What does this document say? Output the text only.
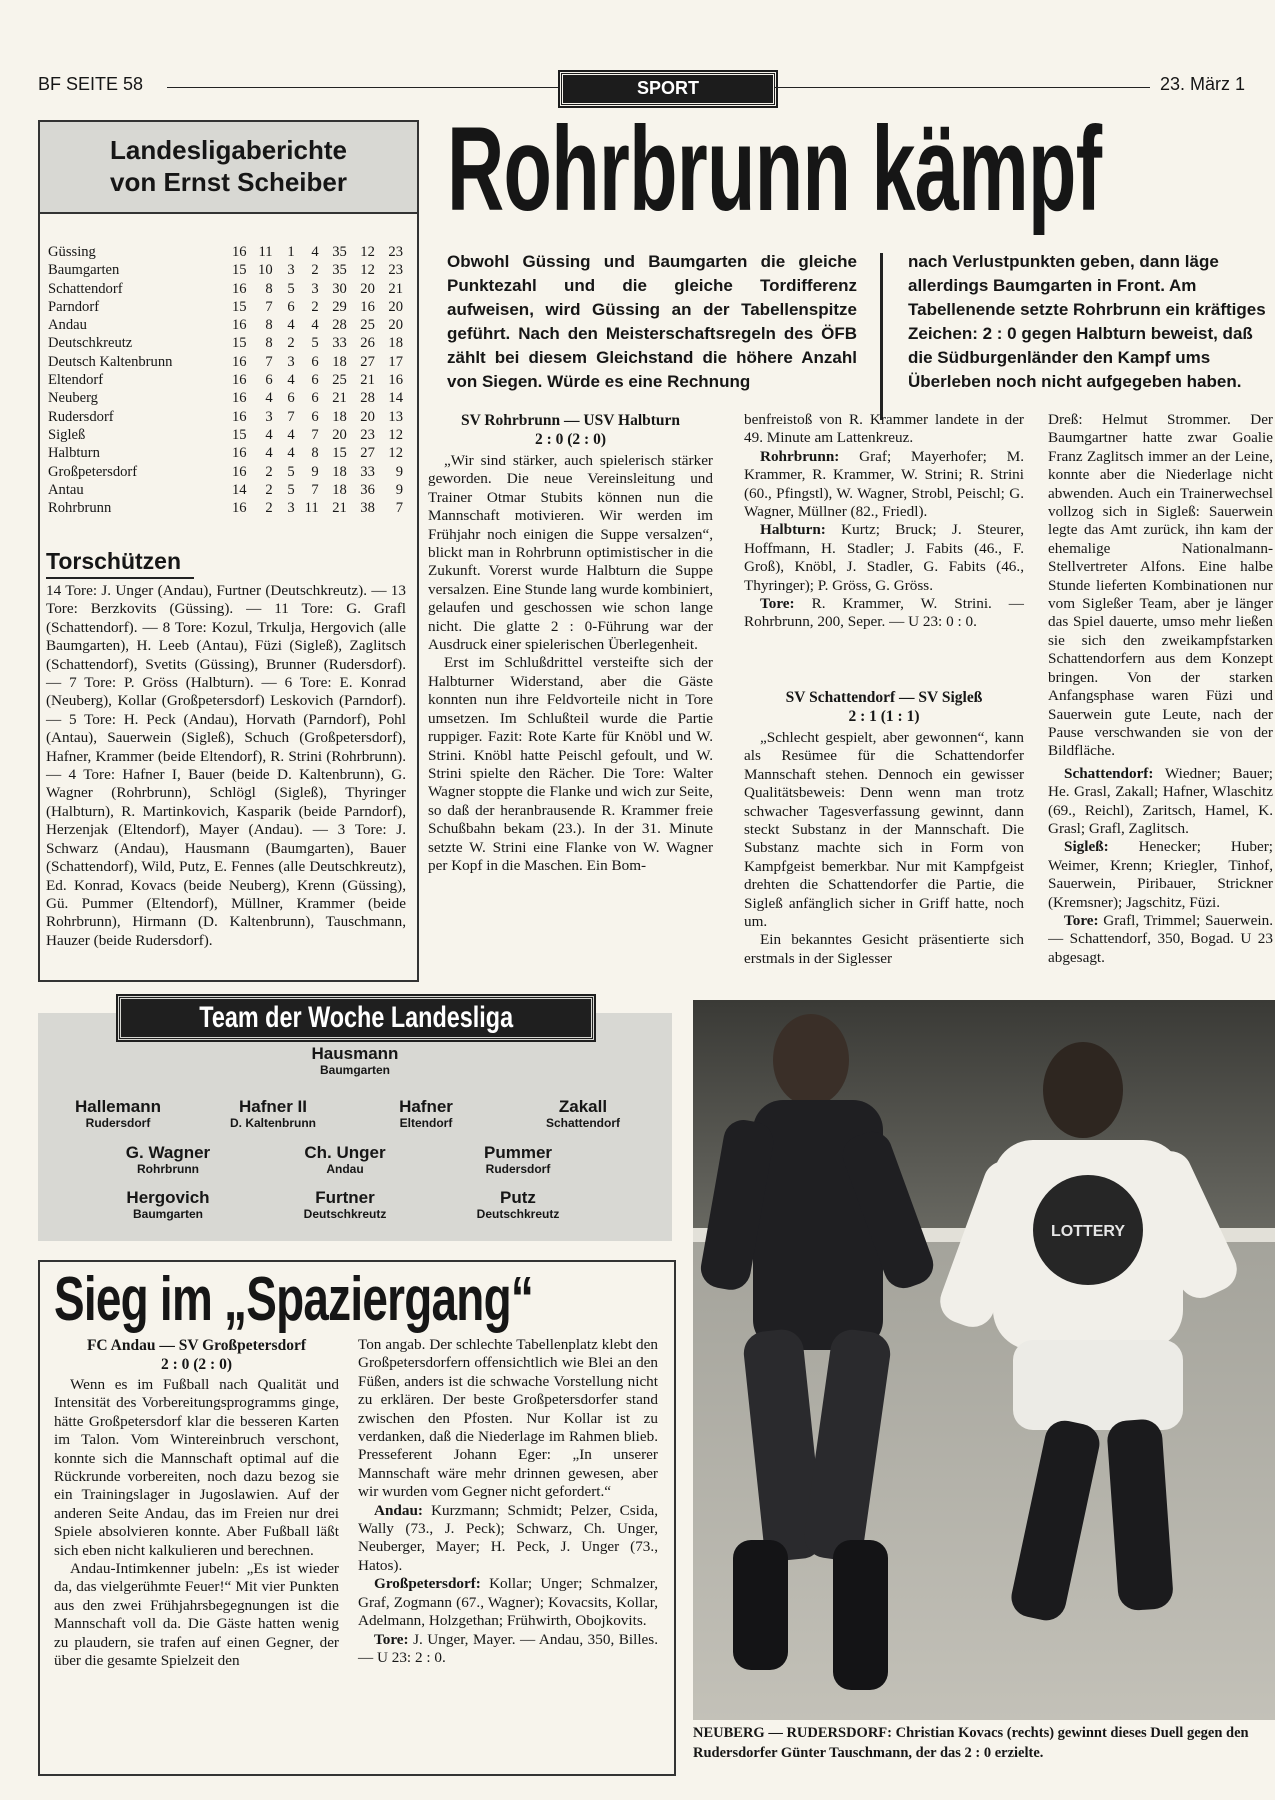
BF SEITE 58	SPORT	23. März 1
Landesligaberichte
von Ernst Scheiber
Güssing	16	11	1	4	35	12	23
Baumgarten	15	10	3	2	35	12	23
Schattendorf	16	8	5	3	30	20	21
Parndorf	15	7	6	2	29	16	20
Andau	16	8	4	4	28	25	20
Deutschkreutz	15	8	2	5	33	26	18
Deutsch Kaltenbrunn	16	7	3	6	18	27	17
Eltendorf	16	6	4	6	25	21	16
Neuberg	16	4	6	6	21	28	14
Rudersdorf	16	3	7	6	18	20	13
Sigleß	15	4	4	7	20	23	12
Halbturn	16	4	4	8	15	27	12
Großpetersdorf	16	2	5	9	18	33	9
Antau	14	2	5	7	18	36	9
Rohrbrunn	16	2	3	11	21	38	7
Torschützen
14 Tore: J. Unger (Andau), Furtner (Deutschkreutz). — 13 Tore: Berzkovits (Güssing). — 11 Tore: G. Grafl (Schattendorf). — 8 Tore: Kozul, Trkulja, Hergovich (alle Baumgarten), H. Leeb (Antau), Füzi (Sigleß), Zaglitsch (Schattendorf), Svetits (Güssing), Brunner (Rudersdorf). — 7 Tore: P. Gröss (Halbturn). — 6 Tore: E. Konrad (Neuberg), Kollar (Großpetersdorf) Leskovich (Parndorf). — 5 Tore: H. Peck (Andau), Horvath (Parndorf), Pohl (Antau), Sauerwein (Sigleß), Schuch (Großpetersdorf), Hafner, Krammer (beide Eltendorf), R. Strini (Rohrbrunn). — 4 Tore: Hafner I, Bauer (beide D. Kaltenbrunn), G. Wagner (Rohrbrunn), Schlögl (Sigleß), Thyringer (Halbturn), R. Martinkovich, Kasparik (beide Parndorf), Herzenjak (Eltendorf), Mayer (Andau). — 3 Tore: J. Schwarz (Andau), Hausmann (Baumgarten), Bauer (Schattendorf), Wild, Putz, E. Fennes (alle Deutschkreutz), Ed. Konrad, Kovacs (beide Neuberg), Krenn (Güssing), Gü. Pummer (Eltendorf), Müllner, Krammer (beide Rohrbrunn), Hirmann (D. Kaltenbrunn), Tauschmann, Hauzer (beide Rudersdorf).
Rohrbrunn kämpf
Obwohl Güssing und Baumgarten die gleiche Punktezahl und die gleiche Tordifferenz aufweisen, wird Güssing an der Tabellenspitze geführt. Nach den Meisterschaftsregeln des ÖFB zählt bei diesem Gleichstand die höhere Anzahl von Siegen. Würde es eine Rechnung
nach Verlustpunkten geben, dann läge allerdings Baumgarten in Front. Am Tabellenende setzte Rohrbrunn ein kräftiges Zeichen: 2 : 0 gegen Halbturn beweist, daß die Südburgenländer den Kampf ums Überleben noch nicht aufgegeben haben.
SV Rohrbrunn — USV Halbturn
2 : 0 (2 : 0)

„Wir sind stärker, auch spielerisch stärker geworden. Die neue Vereinsleitung und Trainer Otmar Stubits können nun die Mannschaft motivieren. Wir werden im Frühjahr noch einigen die Suppe versalzen“, blickt man in Rohrbrunn optimistischer in die Zukunft. Vorerst wurde Halbturn die Suppe versalzen. Eine Stunde lang wurde kombiniert, gelaufen und geschossen wie schon lange nicht. Die glatte 2 : 0-Führung war der Ausdruck einer spielerischen Überlegenheit.

Erst im Schlußdrittel versteifte sich der Halbturner Widerstand, aber die Gäste konnten nun ihre Feldvorteile nicht in Tore umsetzen. Im Schlußteil wurde die Partie ruppiger. Fazit: Rote Karte für Knöbl und W. Strini. Knöbl hatte Peischl gefoult, und W. Strini spielte den Rächer. Die Tore: Walter Wagner stoppte die Flanke und wich zur Seite, so daß der heranbrausende R. Krammer freie Schußbahn bekam (23.). In der 31. Minute setzte W. Strini eine Flanke von W. Wagner per Kopf in die Maschen. Ein Bom-

benfreistoß von R. Krammer landete in der 49. Minute am Lattenkreuz.

Rohrbrunn: Graf; Mayerhofer; M. Krammer, R. Krammer, W. Strini; R. Strini (60., Pfingstl), W. Wagner, Strobl, Peischl; G. Wagner, Müllner (82., Friedl).

Halbturn: Kurtz; Bruck; J. Steurer, Hoffmann, H. Stadler; J. Fabits (46., F. Groß), Knöbl, J. Stadler, G. Fabits (46., Thyringer); P. Gröss, G. Gröss.

Tore: R. Krammer, W. Strini. — Rohrbrunn, 200, Seper. — U 23: 0 : 0.

SV Schattendorf — SV Sigleß
2 : 1 (1 : 1)

„Schlecht gespielt, aber gewonnen“, kann als Resümee für die Schattendorfer Mannschaft stehen. Dennoch ein gewisser Qualitätsbeweis: Denn wenn man trotz schwacher Tagesverfassung gewinnt, dann steckt Substanz in der Mannschaft. Die Substanz machte sich in Form von Kampfgeist bemerkbar. Nur mit Kampfgeist drehten die Schattendorfer die Partie, die Sigleß anfänglich sicher in Griff hatte, noch um.

Ein bekanntes Gesicht präsentierte sich erstmals in der Siglesser

Dreß: Helmut Strommer. Der Baumgartner hatte zwar Goalie Franz Zaglitsch immer an der Leine, konnte aber die Niederlage nicht abwenden. Auch ein Trainerwechsel vollzog sich in Sigleß: Sauerwein legte das Amt zurück, ihn kam der ehemalige Nationalmann-Stellvertreter Alfons. Eine halbe Stunde lieferten Kombinationen nur vom Sigleßer Team, aber je länger das Spiel dauerte, umso mehr ließen sie sich den zweikampfstarken Schattendorfern aus dem Konzept bringen. Von der starken Anfangsphase waren Füzi und Sauerwein gute Leute, nach der Pause verschwanden sie von der Bildfläche.

Schattendorf: Wiedner; Bauer; He. Grasl, Zakall; Hafner, Wlaschitz (69., Reichl), Zaritsch, Hamel, K. Grasl; Grafl, Zaglitsch.

Sigleß: Henecker; Huber; Weimer, Krenn; Kriegler, Tinhof, Sauerwein, Piribauer, Strickner (Kremsner); Jagschitz, Füzi.

Tore: Grafl, Trimmel; Sauerwein. — Schattendorf, 350, Bogad. U 23 abgesagt.

Team der Woche Landesliga
Hausmann
Baumgarten
Hallemann
Rudersdorf
Hafner II
D. Kaltenbrunn
Hafner
Eltendorf
Zakall
Schattendorf
G. Wagner
Rohrbrunn
Ch. Unger
Andau
Pummer
Rudersdorf
Hergovich
Baumgarten
Furtner
Deutschkreutz
Putz
Deutschkreutz
Sieg im „Spaziergang“
FC Andau — SV Großpetersdorf
2 : 0 (2 : 0)

Wenn es im Fußball nach Qualität und Intensität des Vorbereitungsprogramms ginge, hätte Großpetersdorf klar die besseren Karten im Talon. Vom Wintereinbruch verschont, konnte sich die Mannschaft optimal auf die Rückrunde vorbereiten, noch dazu bezog sie ein Trainingslager in Jugoslawien. Auf der anderen Seite Andau, das im Freien nur drei Spiele absolvieren konnte. Aber Fußball läßt sich eben nicht kalkulieren und berechnen.

Andau-Intimkenner jubeln: „Es ist wieder da, das vielgerühmte Feuer!“ Mit vier Punkten aus den zwei Frühjahrsbegegnungen ist die Mannschaft voll da. Die Gäste hatten wenig zu plaudern, sie trafen auf einen Gegner, der über die gesamte Spielzeit den

Ton angab. Der schlechte Tabellenplatz klebt den Großpetersdorfern offensichtlich wie Blei an den Füßen, anders ist die schwache Vorstellung nicht zu erklären. Der beste Großpetersdorfer stand zwischen den Pfosten. Nur Kollar ist zu verdanken, daß die Niederlage im Rahmen blieb. Presseferent Johann Eger: „In unserer Mannschaft wäre mehr drinnen gewesen, aber wir wurden vom Gegner nicht gefordert.“

Andau: Kurzmann; Schmidt; Pelzer, Csida, Wally (73., J. Peck); Schwarz, Ch. Unger, Neuberger, Mayer; H. Peck, J. Unger (73., Hatos).

Großpetersdorf: Kollar; Unger; Schmalzer, Graf, Zogmann (67., Wagner); Kovacsits, Kollar, Adelmann, Holzgethan; Frühwirth, Obojkovits.

Tore: J. Unger, Mayer. — Andau, 350, Billes. — U 23: 2 : 0.

LOTTERY
NEUBERG — RUDERSDORF: Christian Kovacs (rechts) gewinnt dieses Duell gegen den Rudersdorfer Günter Tauschmann, der das 2 : 0 erzielte.
